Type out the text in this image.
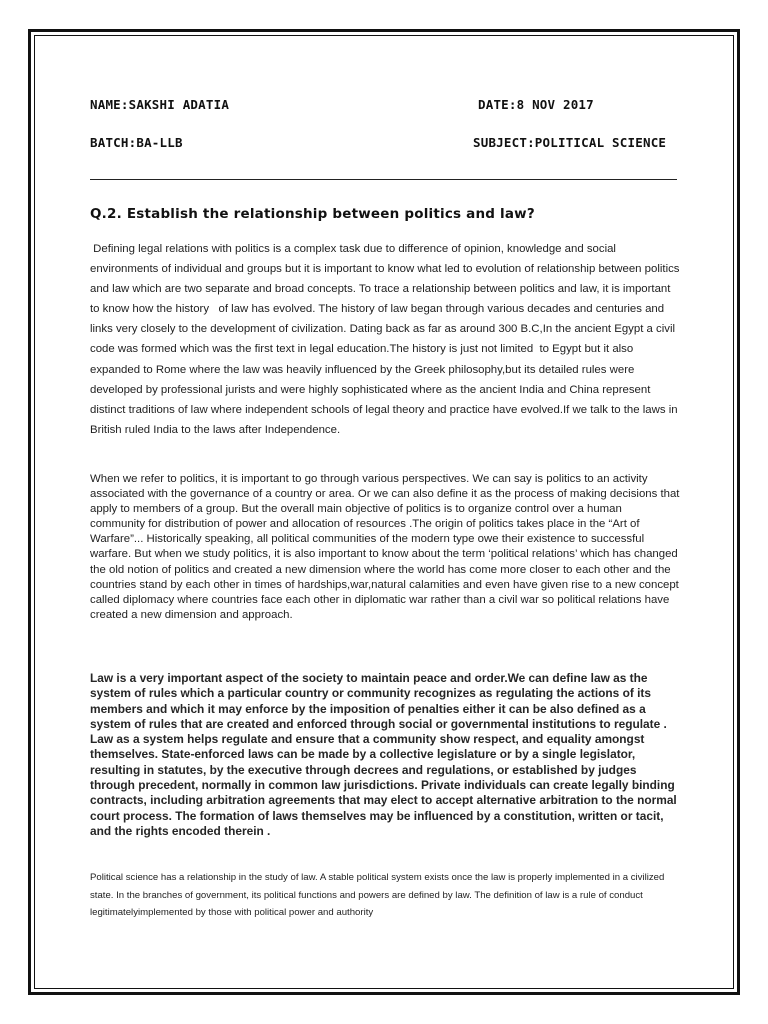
NAME:SAKSHI ADATIA	DATE:8 NOV 2017
BATCH:BA-LLB	SUBJECT:POLITICAL SCIENCE
Q.2. Establish the relationship between politics and law?

Defining legal relations with politics is a complex task due to difference of opinion, knowledge and social environments of individual and groups but it is important to know what led to evolution of relationship between politics and law which are two separate and broad concepts. To trace a relationship between politics and law, it is important to know how the history   of law has evolved. The history of law began through various decades and centuries and links very closely to the development of civilization. Dating back as far as around 300 B.C,In the ancient Egypt a civil code was formed which was the first text in legal education.The history is just not limited  to Egypt but it also expanded to Rome where the law was heavily influenced by the Greek philosophy,but its detailed rules were developed by professional jurists and were highly sophisticated where as the ancient India and China represent distinct traditions of law where independent schools of legal theory and practice have evolved.If we talk to the laws in British ruled India to the laws after Independence.

When we refer to politics, it is important to go through various perspectives. We can say is politics to an activity associated with the governance of a country or area. Or we can also define it as the process of making decisions that apply to members of a group. But the overall main objective of politics is to organize control over a human community for distribution of power and allocation of resources .The origin of politics takes place in the “Art of Warfare”... Historically speaking, all political communities of the modern type owe their existence to successful warfare. But when we study politics, it is also important to know about the term ‘political relations’ which has changed the old notion of politics and created a new dimension where the world has come more closer to each other and the countries stand by each other in times of hardships,war,natural calamities and even have given rise to a new concept called diplomacy where countries face each other in diplomatic war rather than a civil war so political relations have created a new dimension and approach.

Law is a very important aspect of the society to maintain peace and order.We can define law as the system of rules which a particular country or community recognizes as regulating the actions of its members and which it may enforce by the imposition of penalties either it can be also defined as a system of rules that are created and enforced through social or governmental institutions to regulate . Law as a system helps regulate and ensure that a community show respect, and equality amongst themselves. State-enforced laws can be made by a collective legislature or by a single legislator, resulting in statutes, by the executive through decrees and regulations, or established by judges through precedent, normally in common law jurisdictions. Private individuals can create legally binding contracts, including arbitration agreements that may elect to accept alternative arbitration to the normal court process. The formation of laws themselves may be influenced by a constitution, written or tacit, and the rights encoded therein .

Political science has a relationship in the study of law. A stable political system exists once the law is properly implemented in a civilized state. In the branches of government, its political functions and powers are defined by law. The definition of law is a rule of conduct legitimatelyimplemented by those with political power and authority
